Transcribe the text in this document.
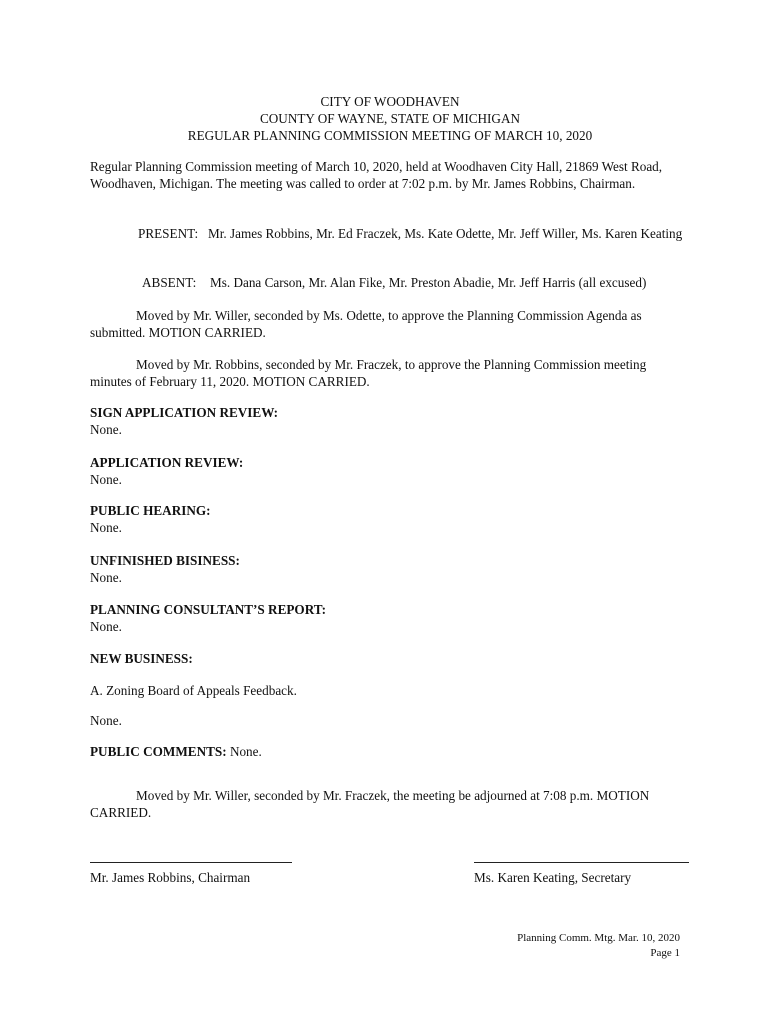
CITY OF WOODHAVEN
COUNTY OF WAYNE, STATE OF MICHIGAN
REGULAR PLANNING COMMISSION MEETING OF MARCH 10, 2020
Regular Planning Commission meeting of March 10, 2020, held at Woodhaven City Hall, 21869 West Road, Woodhaven, Michigan. The meeting was called to order at 7:02 p.m. by Mr. James Robbins, Chairman.
PRESENT: Mr. James Robbins, Mr. Ed Fraczek, Ms. Kate Odette, Mr. Jeff Willer, Ms. Karen Keating
ABSENT:	Ms. Dana Carson, Mr. Alan Fike, Mr. Preston Abadie, Mr. Jeff Harris (all excused)
Moved by Mr. Willer, seconded by Ms. Odette, to approve the Planning Commission Agenda as submitted. MOTION CARRIED.
Moved by Mr. Robbins, seconded by Mr. Fraczek, to approve the Planning Commission meeting minutes of February 11, 2020. MOTION CARRIED.
SIGN APPLICATION REVIEW:
None.
APPLICATION REVIEW:
None.
PUBLIC HEARING:
None.
UNFINISHED BISINESS:
None.
PLANNING CONSULTANT’S REPORT:
None.
NEW BUSINESS:
A. Zoning Board of Appeals Feedback.
None.
PUBLIC COMMENTS: None.
Moved by Mr. Willer, seconded by Mr. Fraczek, the meeting be adjourned at 7:08 p.m. MOTION CARRIED.
Mr. James Robbins, Chairman	Ms. Karen Keating, Secretary
Planning Comm. Mtg. Mar. 10, 2020
Page 1
